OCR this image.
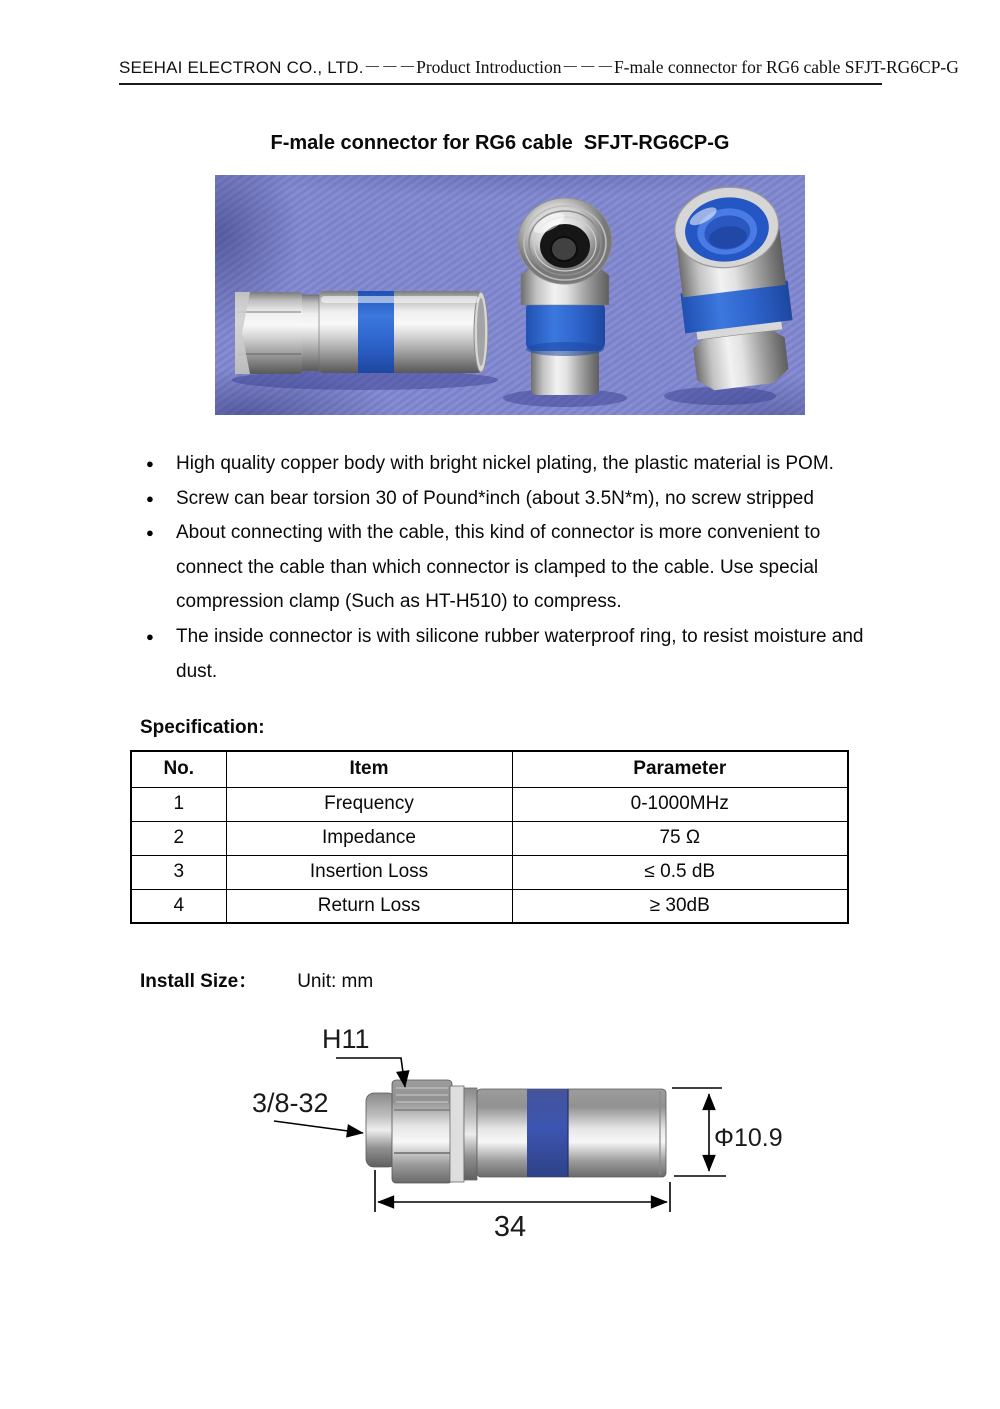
SEEHAI ELECTRON CO., LTD.－－－Product Introduction－－－F-male connector for RG6 cable SFJT-RG6CP-G
F-male connector for RG6 cable  SFJT-RG6CP-G
● High quality copper body with bright nickel plating, the plastic material is POM.
● Screw can bear torsion 30 of Pound*inch (about 3.5N*m), no screw stripped
● About connecting with the cable, this kind of connector is more convenient to connect the cable than which connector is clamped to the cable. Use special compression clamp (Such as HT-H510) to compress.
● The inside connector is with silicone rubber waterproof ring, to resist moisture and dust.
Specification:
No.	Item	Parameter
1	Frequency	0-1000MHz
2	Impedance	75 Ω
3	Insertion Loss	≤ 0.5 dB
4	Return Loss	≥ 30dB
Install Size： Unit: mm
H11
3/8-32
Φ10.9
34
